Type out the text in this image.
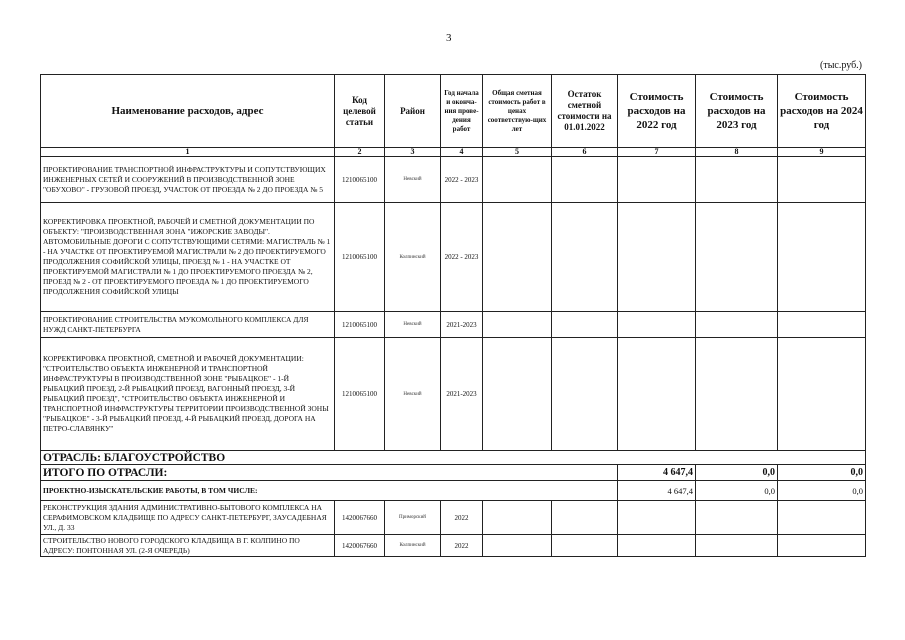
3
(тыс.руб.)
Наименование расходов, адрес	Код целевой статьи	Район	Год начала и оконча-ния прове-дения работ	Общая сметная стоимость работ в ценах соответствую-щих лет	Остаток сметной стоимости на 01.01.2022	Стоимость расходов на 2022 год	Стоимость расходов на 2023 год	Стоимость расходов на 2024 год
1	2	3	4	5	6	7	8	9
ПРОЕКТИРОВАНИЕ ТРАНСПОРТНОЙ ИНФРАСТРУКТУРЫ И СОПУТСТВУЮЩИХ ИНЖЕНЕРНЫХ СЕТЕЙ И СООРУЖЕНИЙ В ПРОИЗВОДСТВЕННОЙ ЗОНЕ "ОБУХОВО" - ГРУЗОВОЙ ПРОЕЗД, УЧАСТОК ОТ ПРОЕЗДА № 2 ДО ПРОЕЗДА № 5	1210065100	Невский	2022 - 2023					
КОРРЕКТИРОВКА ПРОЕКТНОЙ, РАБОЧЕЙ И СМЕТНОЙ ДОКУМЕНТАЦИИ ПО ОБЪЕКТУ: "ПРОИЗВОДСТВЕННАЯ ЗОНА "ИЖОРСКИЕ ЗАВОДЫ". АВТОМОБИЛЬНЫЕ ДОРОГИ С СОПУТСТВУЮЩИМИ СЕТЯМИ: МАГИСТРАЛЬ № 1 - НА УЧАСТКЕ ОТ ПРОЕКТИРУЕМОЙ МАГИСТРАЛИ № 2 ДО ПРОЕКТИРУЕМОГО ПРОДОЛЖЕНИЯ СОФИЙСКОЙ УЛИЦЫ, ПРОЕЗД № 1 - НА УЧАСТКЕ ОТ ПРОЕКТИРУЕМОЙ МАГИСТРАЛИ № 1 ДО ПРОЕКТИРУЕМОГО ПРОЕЗДА № 2, ПРОЕЗД № 2 - ОТ ПРОЕКТИРУЕМОГО ПРОЕЗДА № 1 ДО ПРОЕКТИРУЕМОГО ПРОДОЛЖЕНИЯ СОФИЙСКОЙ УЛИЦЫ	1210065100	Колпинский	2022 - 2023					
ПРОЕКТИРОВАНИЕ СТРОИТЕЛЬСТВА МУКОМОЛЬНОГО КОМПЛЕКСА ДЛЯ НУЖД САНКТ-ПЕТЕРБУРГА	1210065100	Невский	2021-2023					
КОРРЕКТИРОВКА ПРОЕКТНОЙ, СМЕТНОЙ И РАБОЧЕЙ ДОКУМЕНТАЦИИ: "СТРОИТЕЛЬСТВО ОБЪЕКТА ИНЖЕНЕРНОЙ И ТРАНСПОРТНОЙ ИНФРАСТРУКТУРЫ В ПРОИЗВОДСТВЕННОЙ ЗОНЕ "РЫБАЦКОЕ" - 1-Й РЫБАЦКИЙ ПРОЕЗД, 2-Й РЫБАЦКИЙ ПРОЕЗД, ВАГОННЫЙ ПРОЕЗД, 3-Й РЫБАЦКИЙ ПРОЕЗД", "СТРОИТЕЛЬСТВО ОБЪЕКТА ИНЖЕНЕРНОЙ И ТРАНСПОРТНОЙ ИНФРАСТРУКТУРЫ ТЕРРИТОРИИ ПРОИЗВОДСТВЕННОЙ ЗОНЫ "РЫБАЦКОЕ" - 3-Й РЫБАЦКИЙ ПРОЕЗД, 4-Й РЫБАЦКИЙ ПРОЕЗД, ДОРОГА НА ПЕТРО-СЛАВЯНКУ"	1210065100	Невский	2021-2023					
ОТРАСЛЬ: БЛАГОУСТРОЙСТВО								
ИТОГО ПО ОТРАСЛИ:						4 647,4	0,0	0,0
ПРОЕКТНО-ИЗЫСКАТЕЛЬСКИЕ РАБОТЫ, В ТОМ ЧИСЛЕ:						4 647,4	0,0	0,0
РЕКОНСТРУКЦИЯ ЗДАНИЯ АДМИНИСТРАТИВНО-БЫТОВОГО КОМПЛЕКСА НА СЕРАФИМОВСКОМ КЛАДБИЩЕ ПО АДРЕСУ САНКТ-ПЕТЕРБУРГ, ЗАУСАДЕБНАЯ УЛ., Д. 33	1420067660	Приморский	2022					
СТРОИТЕЛЬСТВО НОВОГО ГОРОДСКОГО КЛАДБИЩА В Г. КОЛПИНО ПО АДРЕСУ: ПОНТОННАЯ УЛ. (2-Я ОЧЕРЕДЬ)	1420067660	Колпинский	2022					
